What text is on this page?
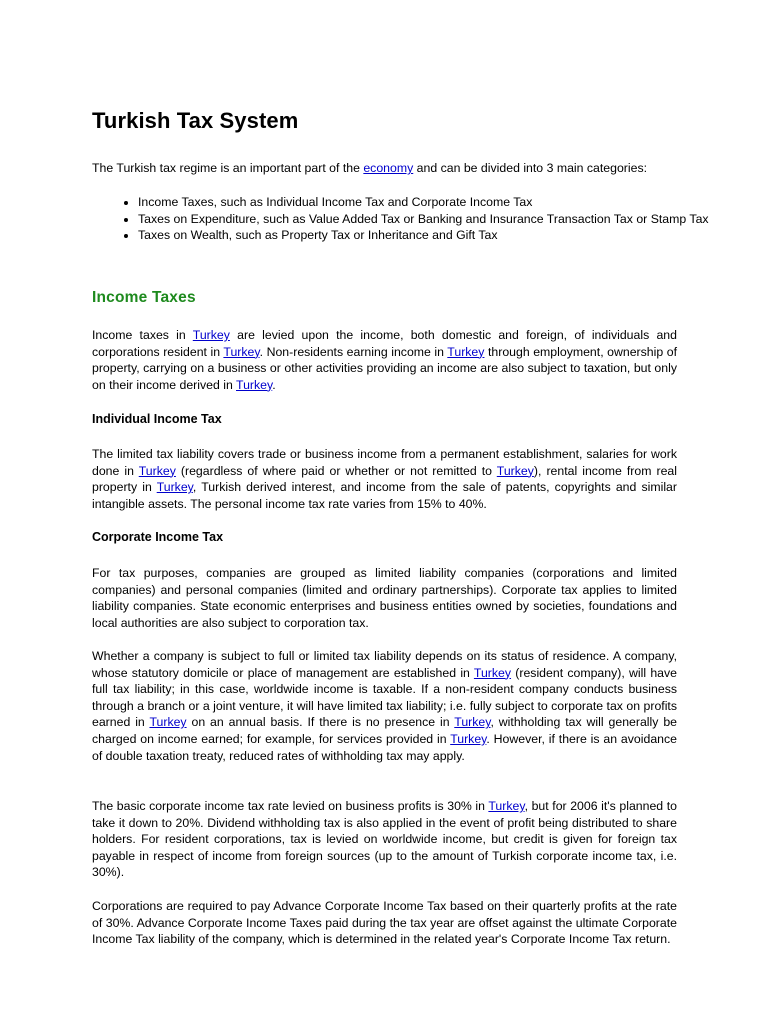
Turkish Tax System

The Turkish tax regime is an important part of the economy and can be divided into 3 main categories:

• Income Taxes, such as Individual Income Tax and Corporate Income Tax
• Taxes on Expenditure, such as Value Added Tax or Banking and Insurance Transaction Tax or Stamp Tax
• Taxes on Wealth, such as Property Tax or Inheritance and Gift Tax
Income Taxes

Income taxes in Turkey are levied upon the income, both domestic and foreign, of individuals and corporations resident in Turkey. Non-residents earning income in Turkey through employment, ownership of property, carrying on a business or other activities providing an income are also subject to taxation, but only on their income derived in Turkey.

Individual Income Tax

The limited tax liability covers trade or business income from a permanent establishment, salaries for work done in Turkey (regardless of where paid or whether or not remitted to Turkey), rental income from real property in Turkey, Turkish derived interest, and income from the sale of patents, copyrights and similar intangible assets. The personal income tax rate varies from 15% to 40%.

Corporate Income Tax

For tax purposes, companies are grouped as limited liability companies (corporations and limited companies) and personal companies (limited and ordinary partnerships). Corporate tax applies to limited liability companies. State economic enterprises and business entities owned by societies, foundations and local authorities are also subject to corporation tax.

Whether a company is subject to full or limited tax liability depends on its status of residence. A company, whose statutory domicile or place of management are established in Turkey (resident company), will have full tax liability; in this case, worldwide income is taxable. If a non-resident company conducts business through a branch or a joint venture, it will have limited tax liability; i.e. fully subject to corporate tax on profits earned in Turkey on an annual basis. If there is no presence in Turkey, withholding tax will generally be charged on income earned; for example, for services provided in Turkey. However, if there is an avoidance of double taxation treaty, reduced rates of withholding tax may apply.

The basic corporate income tax rate levied on business profits is 30% in Turkey, but for 2006 it's planned to take it down to 20%. Dividend withholding tax is also applied in the event of profit being distributed to share holders. For resident corporations, tax is levied on worldwide income, but credit is given for foreign tax payable in respect of income from foreign sources (up to the amount of Turkish corporate income tax, i.e. 30%).

Corporations are required to pay Advance Corporate Income Tax based on their quarterly profits at the rate of 30%. Advance Corporate Income Taxes paid during the tax year are offset against the ultimate Corporate Income Tax liability of the company, which is determined in the related year's Corporate Income Tax return.
